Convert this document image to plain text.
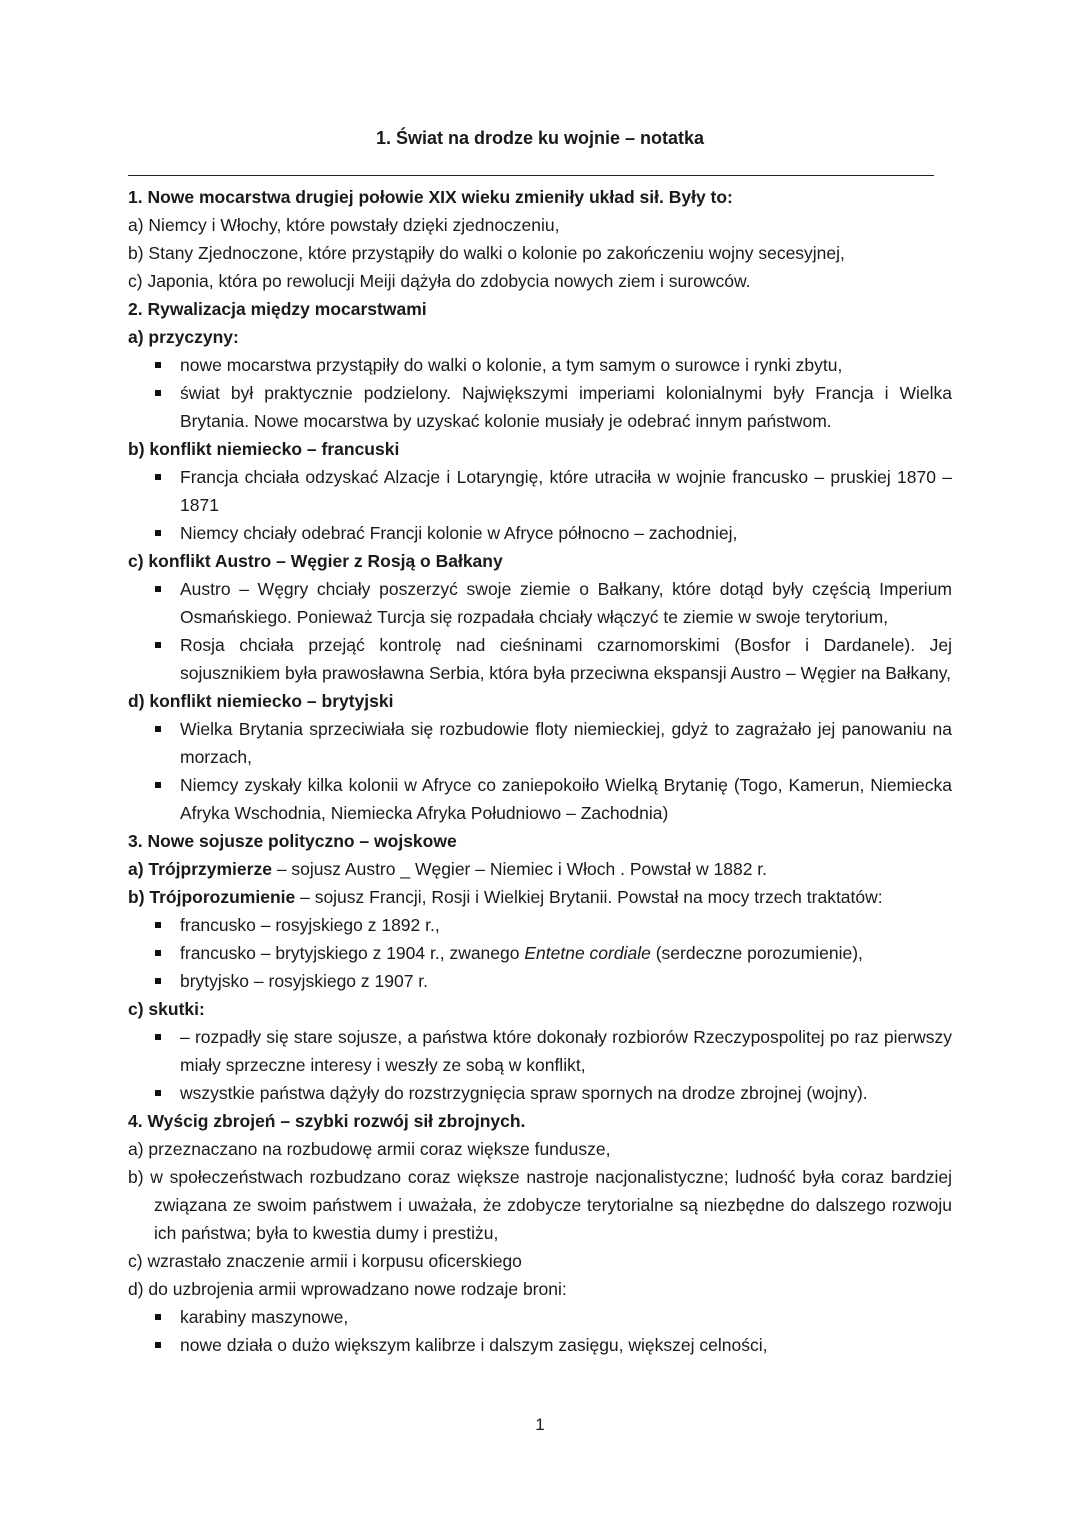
1. Świat na drodze ku wojnie – notatka
1. Nowe mocarstwa drugiej połowie XIX wieku zmieniły układ sił. Były to:
a) Niemcy i Włochy, które powstały dzięki zjednoczeniu,
b) Stany Zjednoczone, które przystąpiły do walki o kolonie po zakończeniu wojny secesyjnej,
c) Japonia, która po rewolucji Meiji dążyła do zdobycia nowych ziem i surowców.
2. Rywalizacja między mocarstwami
a) przyczyny:
nowe mocarstwa przystąpiły do walki o kolonie, a tym samym o surowce i rynki zbytu,
świat był praktycznie podzielony. Największymi imperiami kolonialnymi były Francja i Wielka Brytania. Nowe mocarstwa by uzyskać kolonie musiały je odebrać innym państwom.
b) konflikt niemiecko – francuski
Francja chciała odzyskać Alzacje i Lotaryngię, które utraciła w wojnie francusko – pruskiej 1870 – 1871
Niemcy chciały odebrać Francji kolonie w Afryce północno – zachodniej,
c) konflikt Austro – Węgier z Rosją o Bałkany
Austro – Węgry chciały poszerzyć swoje ziemie o Bałkany, które dotąd były częścią Imperium Osmańskiego. Ponieważ Turcja się rozpadała chciały włączyć te ziemie w swoje terytorium,
Rosja chciała przejąć kontrolę nad cieśninami czarnomorskimi (Bosfor i Dardanele). Jej sojusznikiem była prawosławna Serbia, która była przeciwna ekspansji Austro – Węgier na Bałkany,
d) konflikt niemiecko – brytyjski
Wielka Brytania sprzeciwiała się rozbudowie floty niemieckiej, gdyż to zagrażało jej panowaniu na morzach,
Niemcy zyskały kilka kolonii w Afryce co zaniepokoiło Wielką Brytanię (Togo, Kamerun, Niemiecka Afryka Wschodnia, Niemiecka Afryka Południowo – Zachodnia)
3. Nowe sojusze polityczno – wojskowe
a) Trójprzymierze – sojusz Austro _ Węgier – Niemiec i Włoch . Powstał w 1882 r.
b) Trójporozumienie – sojusz Francji, Rosji i Wielkiej Brytanii. Powstał na mocy trzech traktatów:
francusko – rosyjskiego z 1892 r.,
francusko – brytyjskiego z 1904 r., zwanego Entetne cordiale (serdeczne porozumienie),
brytyjsko – rosyjskiego z 1907 r.
c) skutki:
– rozpadły się stare sojusze, a państwa które dokonały rozbiorów Rzeczypospolitej po raz pierwszy miały sprzeczne interesy i weszły ze sobą w konflikt,
wszystkie państwa dążyły do rozstrzygnięcia spraw spornych na drodze zbrojnej (wojny).
4. Wyścig zbrojeń – szybki rozwój sił zbrojnych.
a) przeznaczano na rozbudowę armii coraz większe fundusze,
b) w społeczeństwach rozbudzano coraz większe nastroje nacjonalistyczne; ludność była coraz bardziej związana ze swoim państwem i uważała, że zdobycze terytorialne są niezbędne do dalszego rozwoju ich państwa; była to kwestia dumy i prestiżu,
c) wzrastało znaczenie armii i korpusu oficerskiego
d) do uzbrojenia armii wprowadzano nowe rodzaje broni:
karabiny maszynowe,
nowe działa o dużo większym kalibrze i dalszym zasięgu, większej celności,
1
